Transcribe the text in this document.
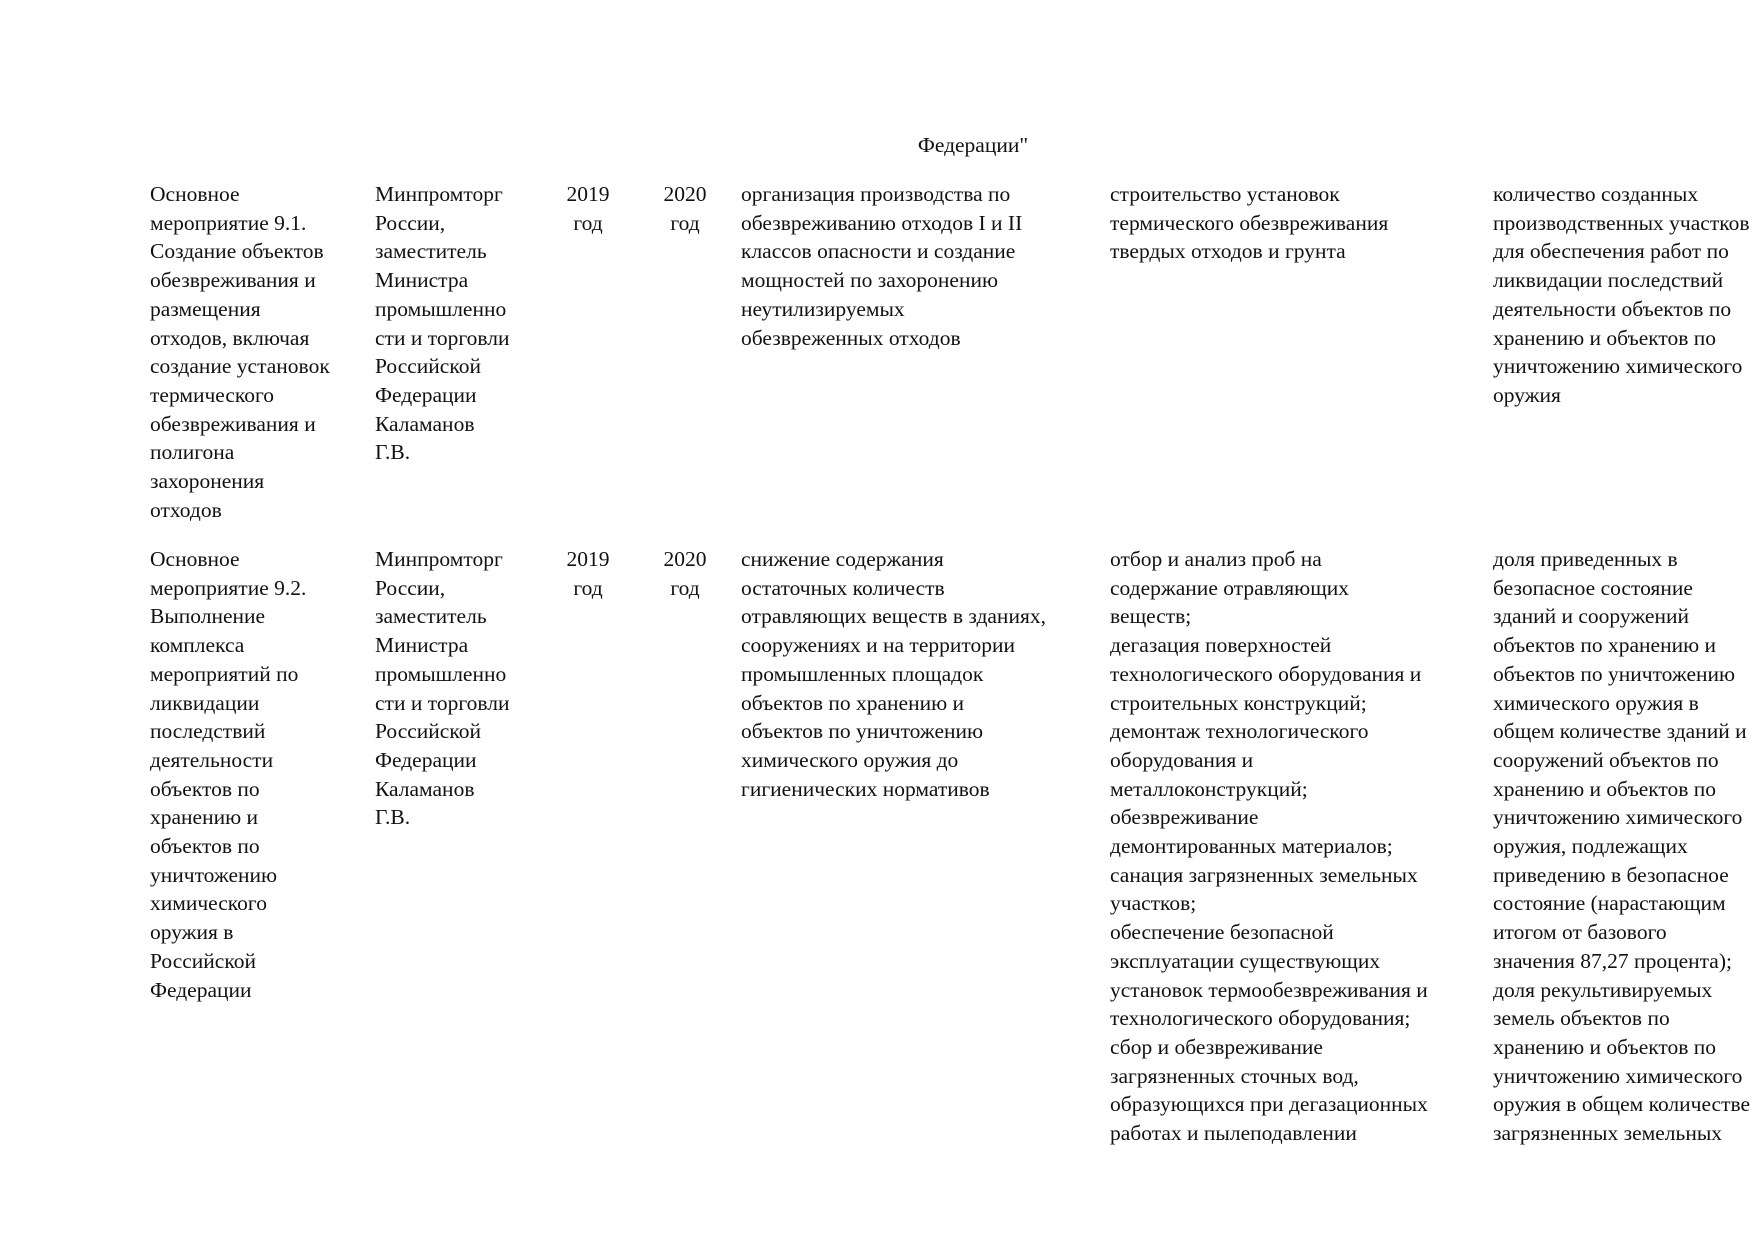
Федерации"
Основное
мероприятие 9.1.
Создание объектов
обезвреживания и
размещения
отходов, включая
создание установок
термического
обезвреживания и
полигона
захоронения
отходов
Минпромторг
России,
заместитель
Министра
промышленно
сти и торговли
Российской
Федерации
Каламанов
Г.В.
2019
год
2020
год
организация производства по
обезвреживанию отходов I и II
классов опасности и создание
мощностей по захоронению
неутилизируемых
обезвреженных отходов
строительство установок
термического обезвреживания
твердых отходов и грунта
количество созданных
производственных участков
для обеспечения работ по
ликвидации последствий
деятельности объектов по
хранению и объектов по
уничтожению химического
оружия
Основное
мероприятие 9.2.
Выполнение
комплекса
мероприятий по
ликвидации
последствий
деятельности
объектов по
хранению и
объектов по
уничтожению
химического
оружия в
Российской
Федерации
Минпромторг
России,
заместитель
Министра
промышленно
сти и торговли
Российской
Федерации
Каламанов
Г.В.
2019
год
2020
год
снижение содержания
остаточных количеств
отравляющих веществ в зданиях,
сооружениях и на территории
промышленных площадок
объектов по хранению и
объектов по уничтожению
химического оружия до
гигиенических нормативов
отбор и анализ проб на
содержание отравляющих
веществ;
дегазация поверхностей
технологического оборудования и
строительных конструкций;
демонтаж технологического
оборудования и
металлоконструкций;
обезвреживание
демонтированных материалов;
санация загрязненных земельных
участков;
обеспечение безопасной
эксплуатации существующих
установок термообезвреживания и
технологического оборудования;
сбор и обезвреживание
загрязненных сточных вод,
образующихся при дегазационных
работах и пылеподавлении
доля приведенных в
безопасное состояние
зданий и сооружений
объектов по хранению и
объектов по уничтожению
химического оружия в
общем количестве зданий и
сооружений объектов по
хранению и объектов по
уничтожению химического
оружия, подлежащих
приведению в безопасное
состояние (нарастающим
итогом от базового
значения 87,27 процента);
доля рекультивируемых
земель объектов по
хранению и объектов по
уничтожению химического
оружия в общем количестве
загрязненных земельных
